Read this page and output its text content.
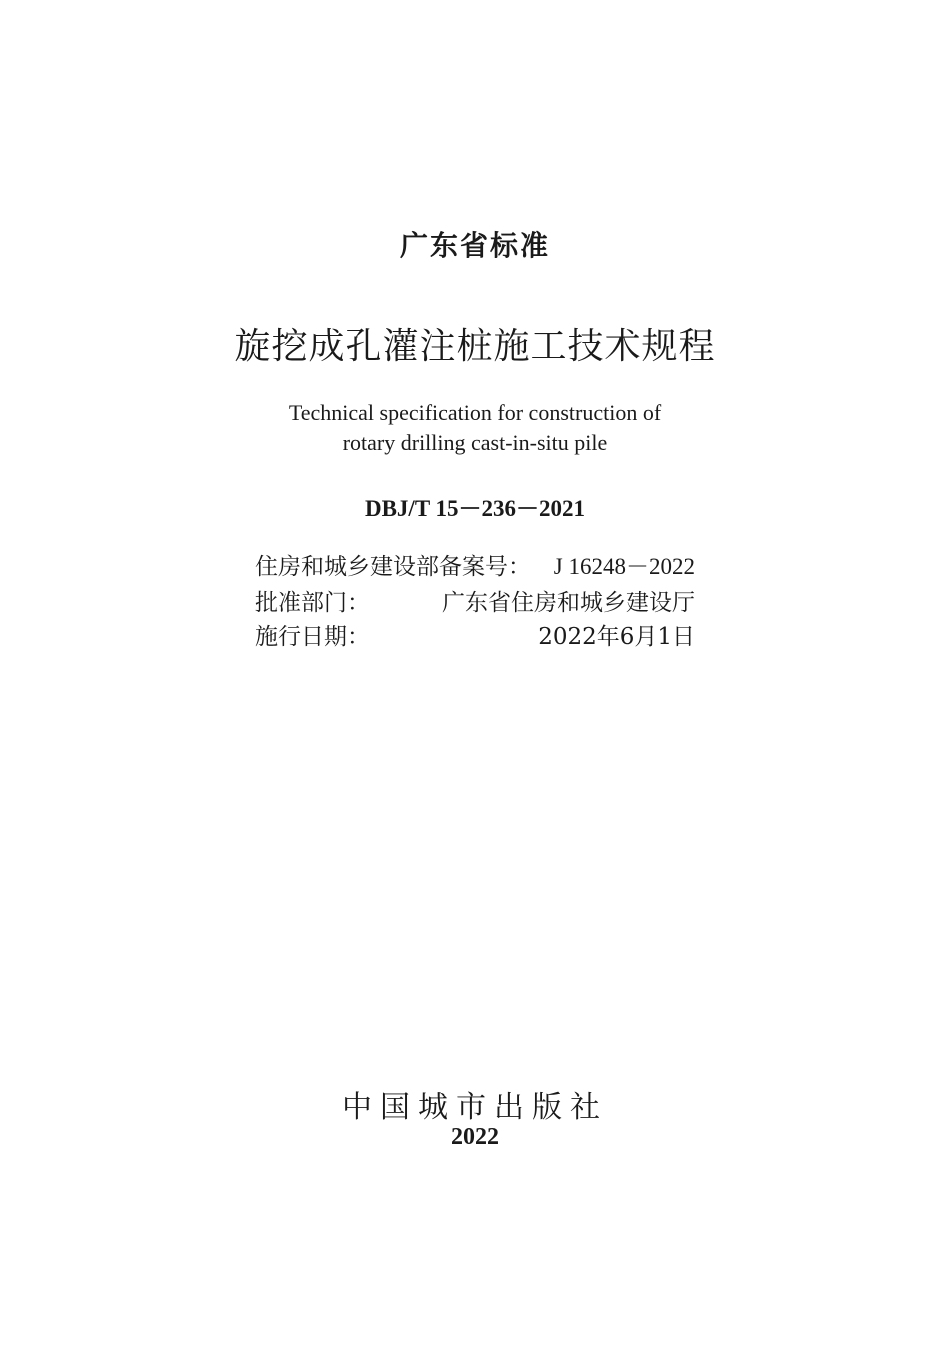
广东省标准
旋挖成孔灌注桩施工技术规程
Technical specification for construction of
rotary drilling cast-in-situ pile
DBJ/T 15－236－2021
住房和城乡建设部备案号： J 16248－2022
批准部门：	广东省住房和城乡建设厅
施行日期：	2022年6月1日
中国城市出版社
2022
